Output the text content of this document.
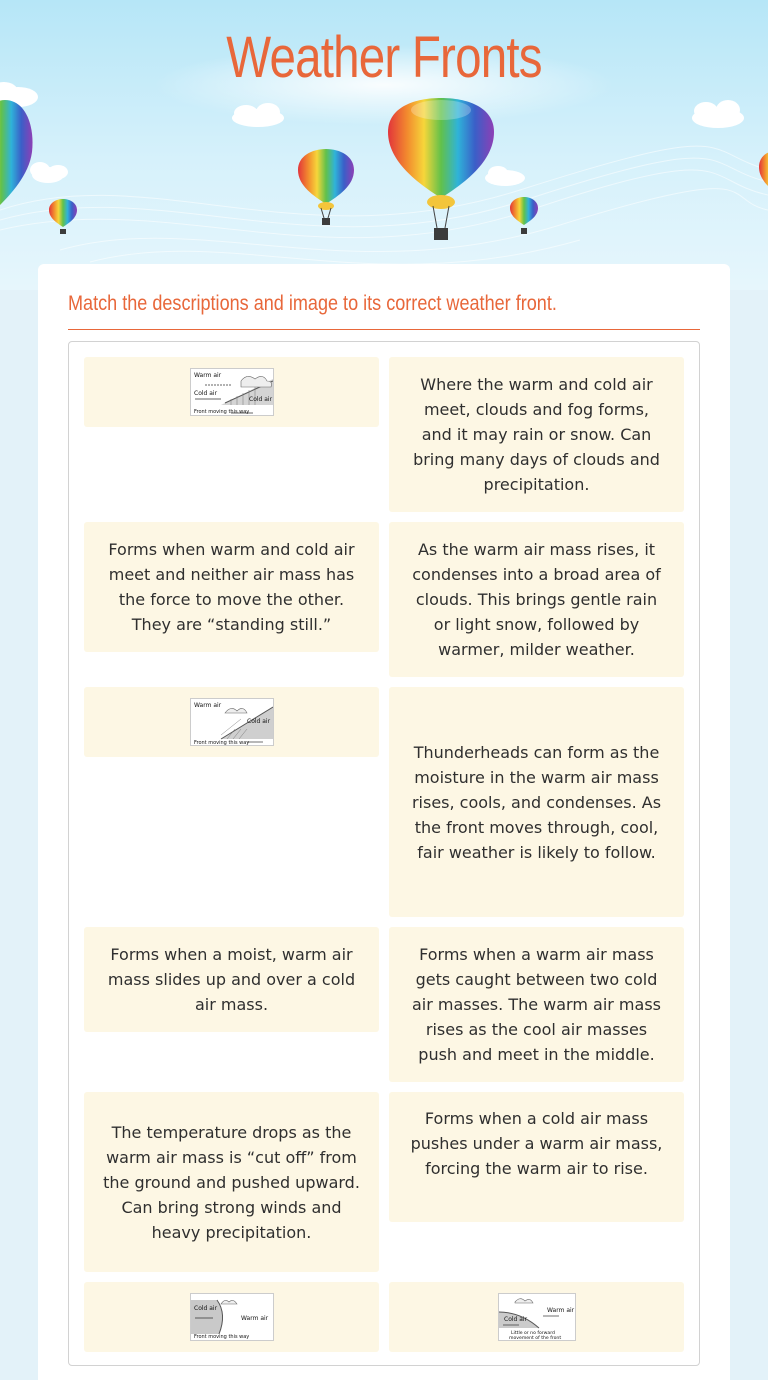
Weather Fronts
Match the descriptions and image to its correct weather front.
Warm air
Cold air
Cold air
Front moving this way
Forms when warm and cold air meet and neither air mass has the force to move the other. They are “standing still.”
Warm air
Cold air
Front moving this way
Forms when a moist, warm air mass slides up and over a cold air mass.
The temperature drops as the warm air mass is “cut off” from the ground and pushed upward. Can bring strong winds and heavy precipitation.
Cold air
Warm air
Front moving this way
Where the warm and cold air meet, clouds and fog forms, and it may rain or snow. Can bring many days of clouds and precipitation.
As the warm air mass rises, it condenses into a broad area of clouds. This brings gentle rain or light snow, followed by warmer, milder weather.
Thunderheads can form as the moisture in the warm air mass rises, cools, and condenses. As the front moves through, cool, fair weather is likely to follow.
Forms when a warm air mass gets caught between two cold air masses. The warm air mass rises as the cool air masses push and meet in the middle.
Forms when a cold air mass pushes under a warm air mass, forcing the warm air to rise.
Warm air
Cold air
Little or no forward
movement of the front
